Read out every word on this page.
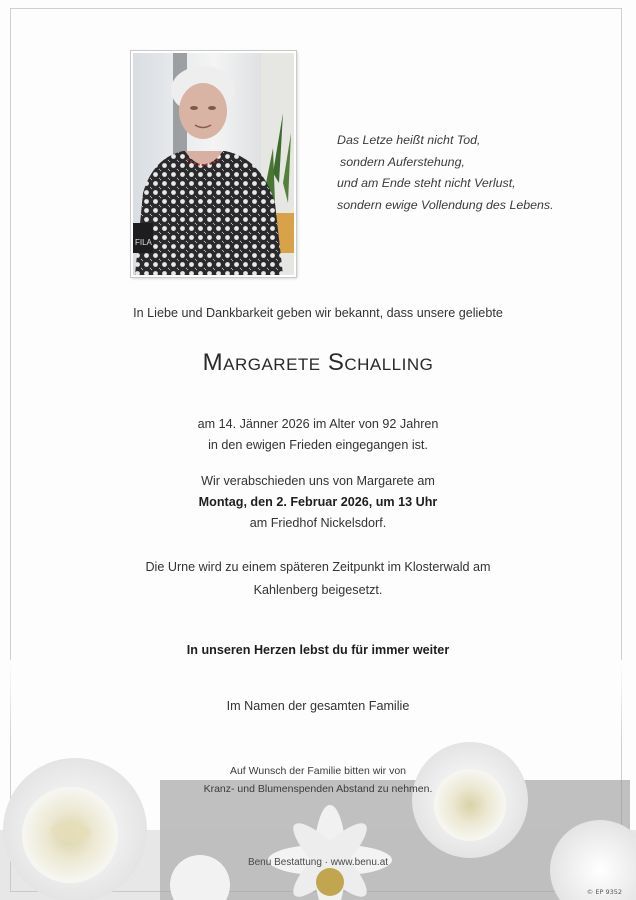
FILA
Das Letze heißt nicht Tod,
sondern Auferstehung,
und am Ende steht nicht Verlust,
sondern ewige Vollendung des Lebens.
In Liebe und Dankbarkeit geben wir bekannt, dass unsere geliebte
Margarete Schalling
am 14. Jänner 2026 im Alter von 92 Jahren
in den ewigen Frieden eingegangen ist.
Wir verabschieden uns von Margarete am
Montag, den 2. Februar 2026, um 13 Uhr
am Friedhof Nickelsdorf.
Die Urne wird zu einem späteren Zeitpunkt im Klosterwald am
Kahlenberg beigesetzt.
In unseren Herzen lebst du für immer weiter
Im Namen der gesamten Familie
Auf Wunsch der Familie bitten wir von
Kranz- und Blumenspenden Abstand zu nehmen.
Benu Bestattung · www.benu.at
© EP 9352
